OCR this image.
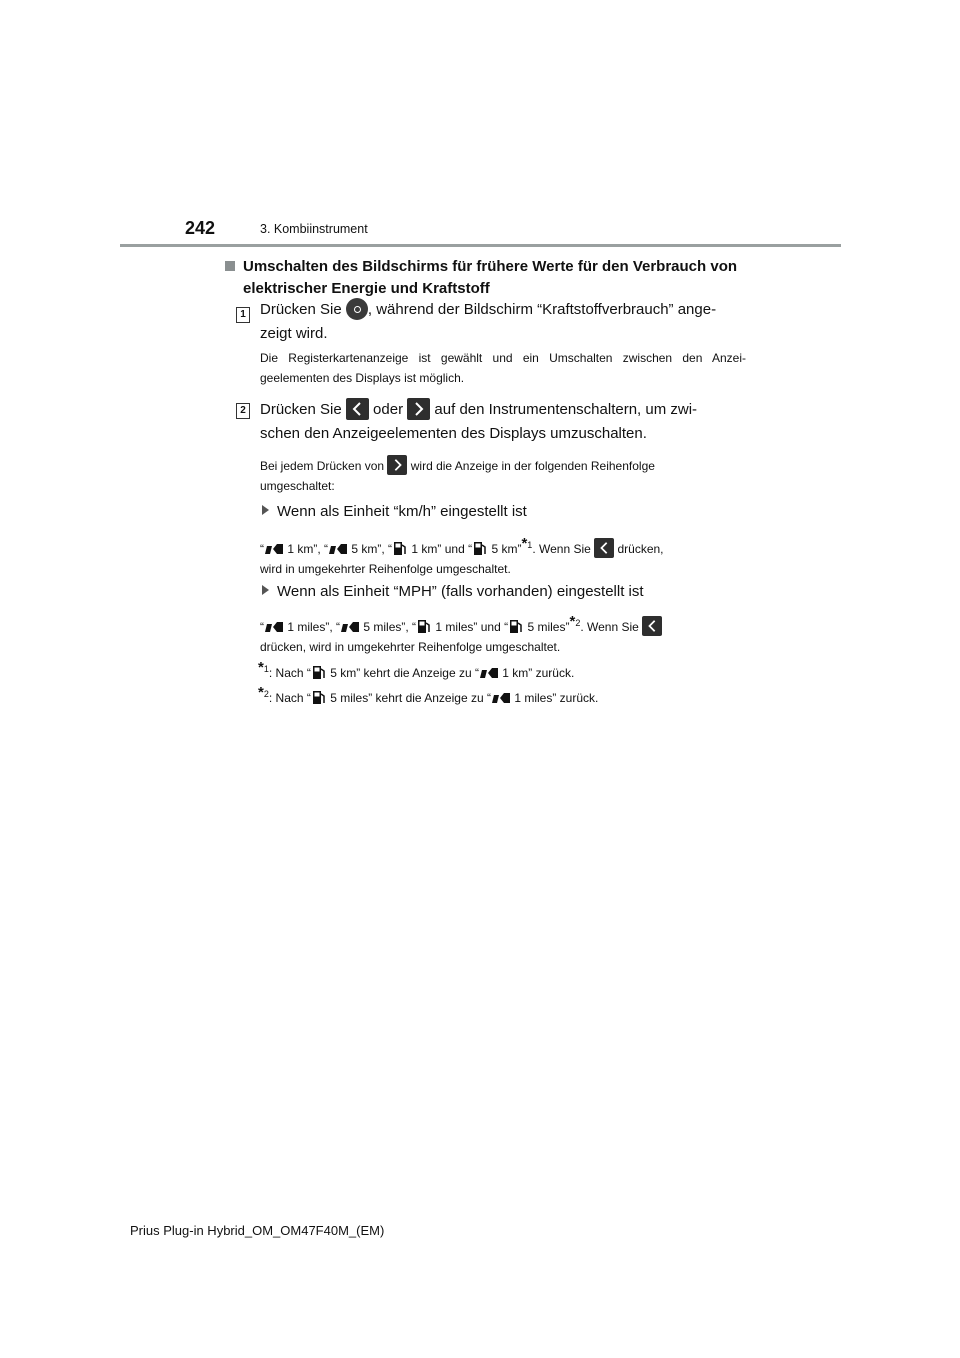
242	3. Kombiinstrument
Umschalten des Bildschirms für frühere Werte für den Verbrauch von elektrischer Energie und Kraftstoff
1 Drücken Sie , während der Bildschirm “Kraftstoffverbrauch” ange-
zeigt wird.
Die Registerkartenanzeige ist gewählt und ein Umschalten zwischen den Anzei-geelementen des Displays ist möglich.
2 Drücken Sie oder auf den Instrumentenschaltern, um zwi-
schen den Anzeigeelementen des Displays umzuschalten.
Bei jedem Drücken von wird die Anzeige in der folgenden Reihenfolge
umgeschaltet:
Wenn als Einheit “km/h” eingestellt ist
“ 1 km”, “ 5 km”, “ 1 km” und “ 5 km”$^{*1}$. Wenn Sie drücken,
wird in umgekehrter Reihenfolge umgeschaltet.
Wenn als Einheit “MPH” (falls vorhanden) eingestellt ist
“ 1 miles”, “ 5 miles”, “ 1 miles” und “ 5 miles”$^{*2}$. Wenn Sie

drücken, wird in umgekehrter Reihenfolge umgeschaltet.
$^{*1}$: Nach “ 5 km” kehrt die Anzeige zu “ 1 km” zurück.
$^{*2}$: Nach “ 5 miles” kehrt die Anzeige zu “ 1 miles” zurück.
Prius Plug-in Hybrid_OM_OM47F40M_(EM)
